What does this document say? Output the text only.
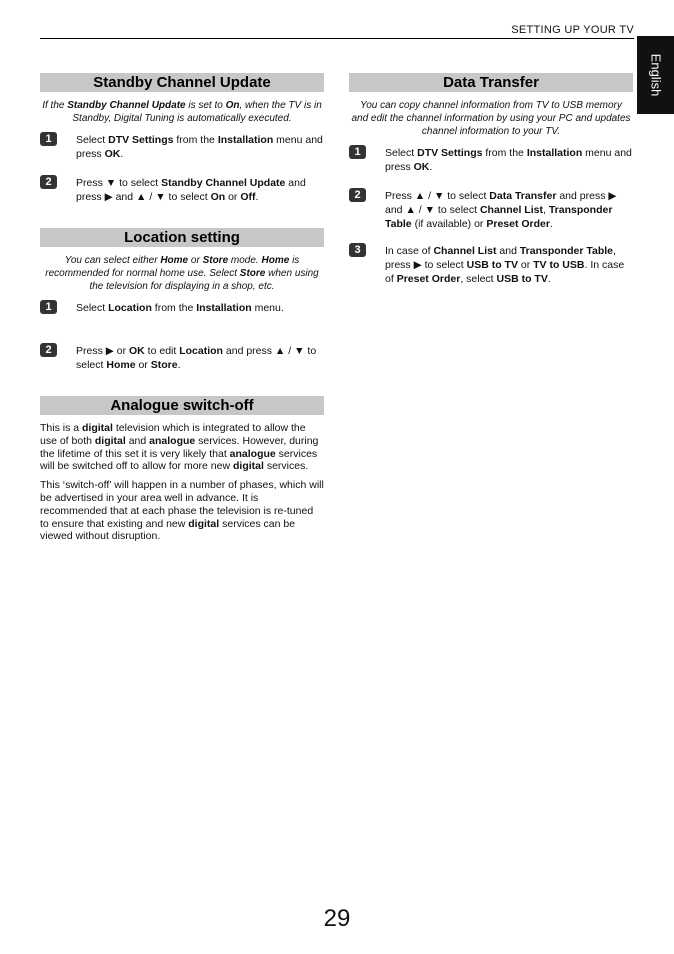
SETTING UP YOUR TV
English
Standby Channel Update

If the Standby Channel Update is set to On, when the TV is in Standby, Digital Tuning is automatically executed.

1	Select DTV Settings from the Installation menu and press OK.

2	Press ▼ to select Standby Channel Update and press ▶ and ▲ / ▼ to select On or Off.

Location setting

You can select either Home or Store mode. Home is recommended for normal home use. Select Store when using the television for displaying in a shop, etc.

1	Select Location from the Installation menu.

2	Press ▶ or OK to edit Location and press ▲ / ▼ to select Home or Store.

Analogue switch-off

This is a digital television which is integrated to allow the use of both digital and analogue services. However, during the lifetime of this set it is very likely that analogue services will be switched off to allow for more new digital services.

This ‘switch-off’ will happen in a number of phases, which will be advertised in your area well in advance. It is recommended that at each phase the television is re-tuned to ensure that existing and new digital services can be viewed without disruption.

Data Transfer

You can copy channel information from TV to USB memory and edit the channel information by using your PC and updates channel information to your TV.

1	Select DTV Settings from the Installation menu and press OK.

2	Press ▲ / ▼ to select Data Transfer and press ▶ and ▲ / ▼ to select Channel List, Transponder Table (if available) or Preset Order.

3	In case of Channel List and Transponder Table, press ▶ to select USB to TV or TV to USB. In case of Preset Order, select USB to TV.

29
